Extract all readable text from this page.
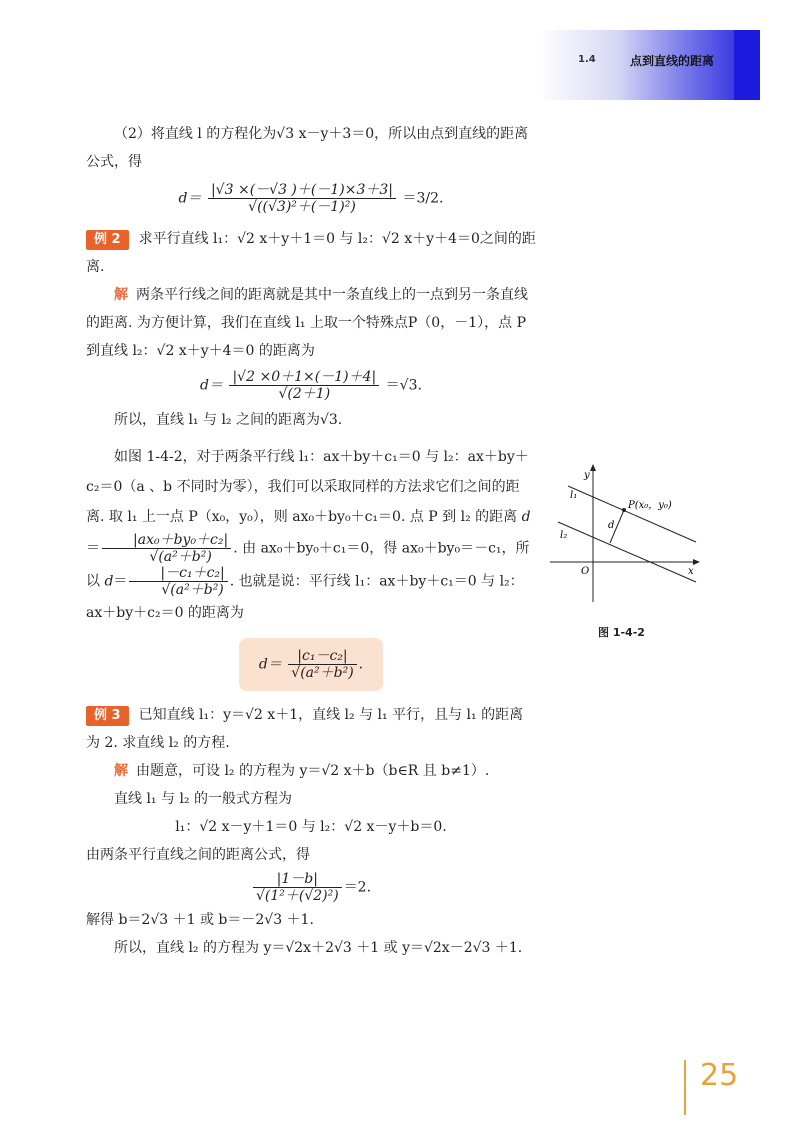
1.4	点到直线的距离

（2）将直线 l 的方程化为√3 x－y＋3＝0，所以由点到直线的距离公式，得

$d= \frac{|√3 \times(-√3 )+(-1)\times 3+3|}{\text{√((√3)²＋(－1)²)}} =3/2$.

例 2 求平行直线 l₁：√2 x＋y＋1＝0 与 l₂：√2 x＋y＋4＝0之间的距离.

解 两条平行线之间的距离就是其中一条直线上的一点到另一条直线的距离. 为方便计算，我们在直线 l₁ 上取一个特殊点P（0，－1），点 P 到直线 l₂：√2 x＋y＋4＝0 的距离为

$d= \frac{|√2 \times 0+1\times(-1)+4|}{√(2+1)} =√3$.

所以，直线 l₁ 与 l₂ 之间的距离为√3.

如图 1-4-2，对于两条平行线 l₁：ax＋by＋c₁＝0 与 l₂：ax＋by＋c₂＝0（a 、b 不同时为零），我们可以采取同样的方法求它们之间的距离. 取 l₁ 上一点 P（x₀，y₀），则 ax₀＋by₀＋c₁＝0. 点 P 到 l₂ 的距离 $d= \frac{\text{|ax₀＋by₀＋c₂|}}{\text{√(a²＋b²)}}$ . 由 ax₀＋by₀＋c₁＝0，得 ax₀＋by₀＝－c₁，所以 $d= \frac{\text{|－c₁＋c₂|}}{\text{√(a²＋b²)}}$ . 也就是说：平行线 l₁：ax＋by＋c₁＝0 与 l₂：ax＋by＋c₂＝0 的距离为

$d= \frac{\text{|c₁－c₂|}}{\text{√(a²＋b²)}}$ .

例 3 已知直线 l₁：y＝√2 x＋1，直线 l₂ 与 l₁ 平行，且与 l₁ 的距离为 2. 求直线 l₂ 的方程.

解 由题意，可设 l₂ 的方程为 y＝√2 x＋b（b∈R 且 b≠1）.

直线 l₁ 与 l₂ 的一般式方程为

l₁：√2 x－y＋1＝0 与 l₂：√2 x－y＋b＝0.

由两条平行直线之间的距离公式，得

$\frac{|1-b|}{\text{√(1²＋(√2)²)}} =2$.

解得 b＝2√3 ＋1 或 b＝－2√3 ＋1.

所以，直线 l₂ 的方程为 y＝√2x＋2√3 ＋1 或 y＝√2x－2√3 ＋1.

y
x
O
l₁
l₂
P(x₀，y₀)
d
图 1-4-2
25
